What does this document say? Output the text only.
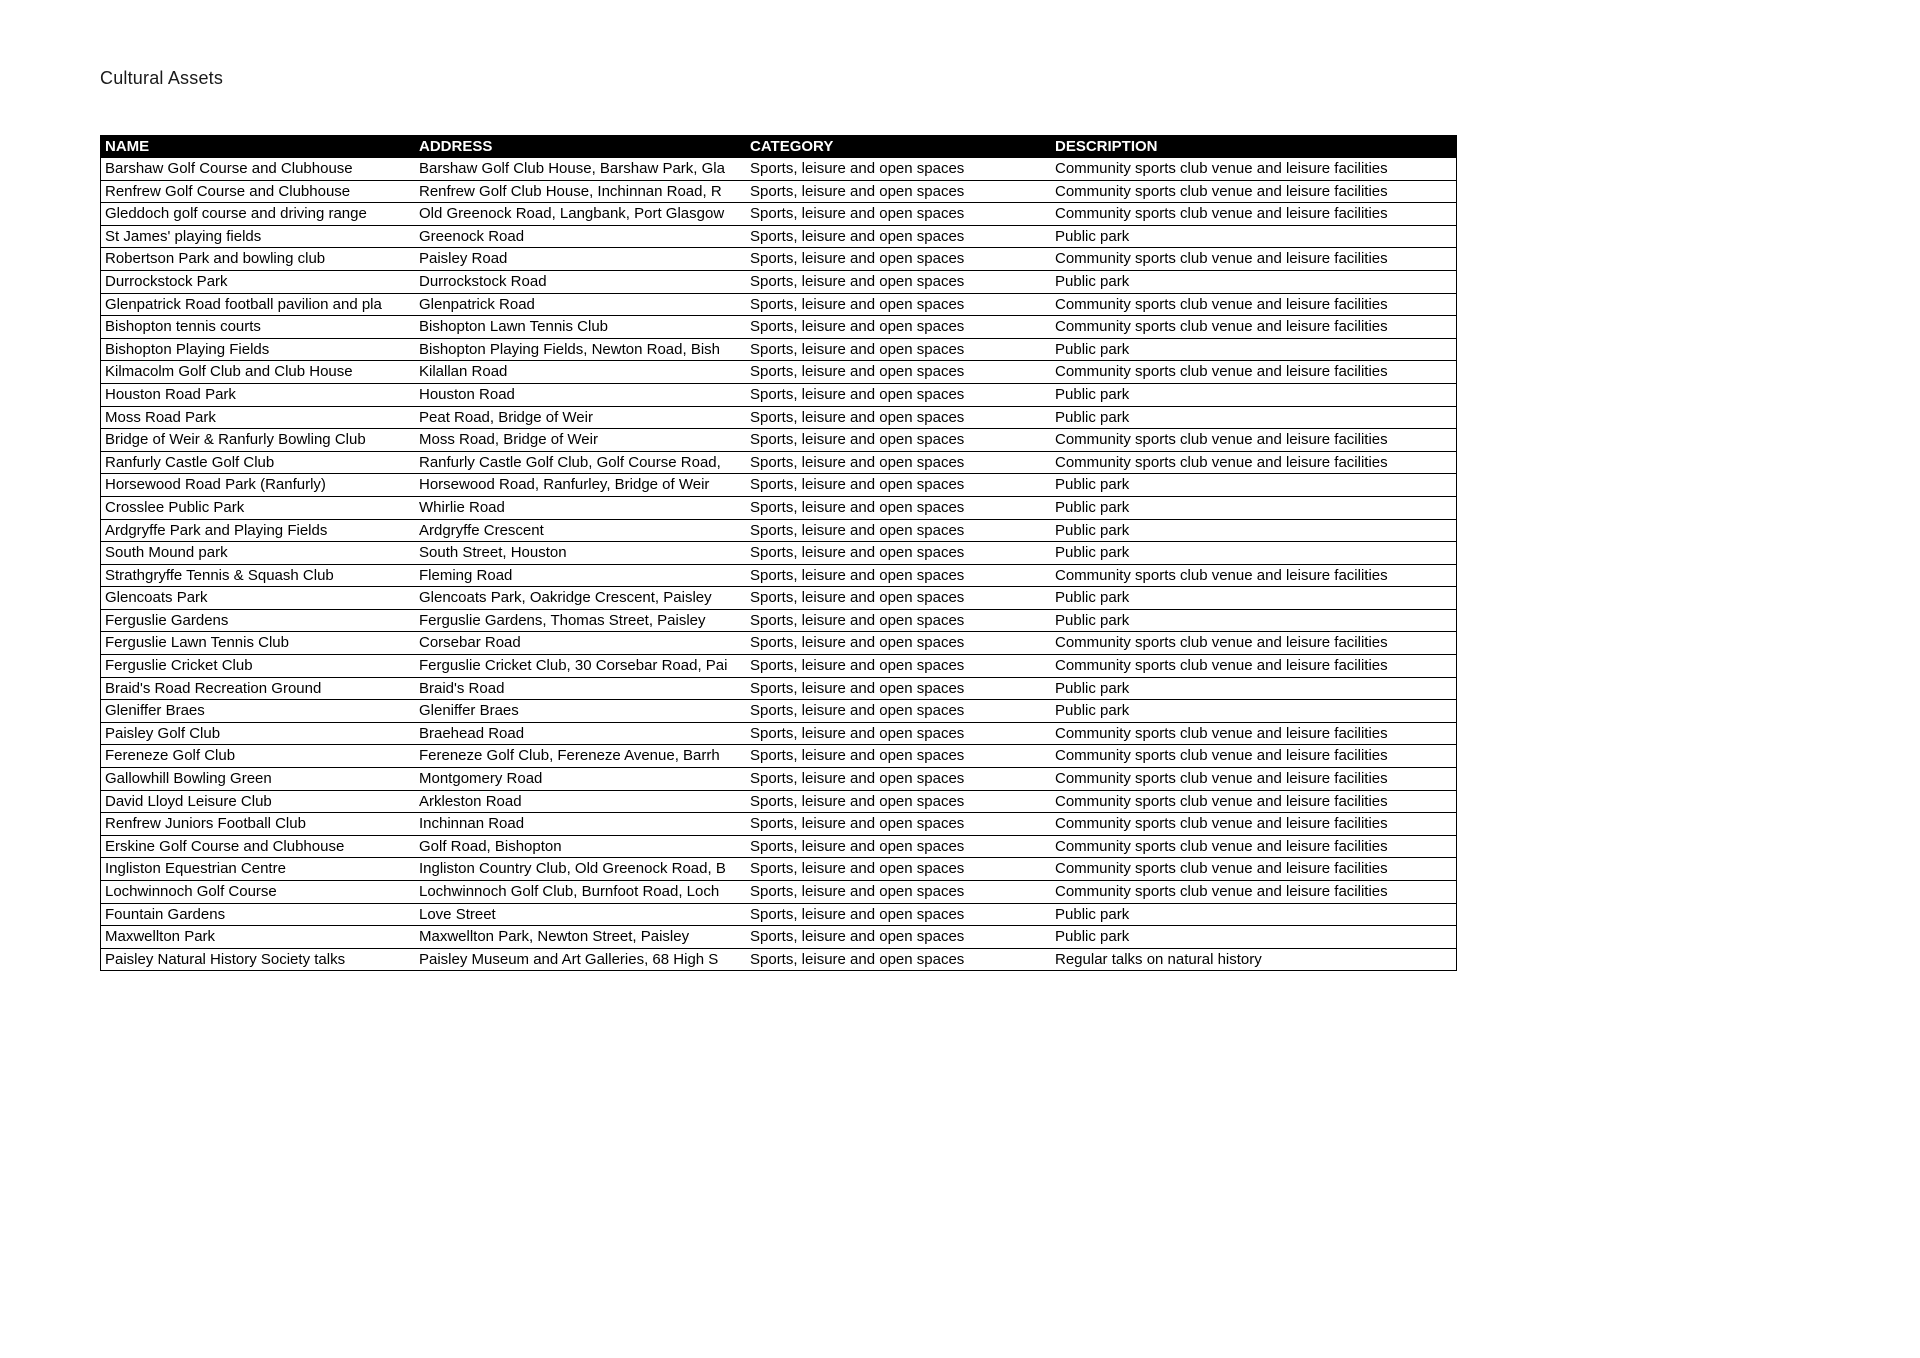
Cultural Assets
NAME	ADDRESS	CATEGORY	DESCRIPTION
Barshaw Golf Course and Clubhouse	Barshaw Golf Club House, Barshaw Park, Gla	Sports, leisure and open spaces	Community sports club venue and leisure facilities
Renfrew Golf Course and Clubhouse	Renfrew Golf Club House, Inchinnan Road, R	Sports, leisure and open spaces	Community sports club venue and leisure facilities
Gleddoch golf course and driving range	Old Greenock Road, Langbank, Port Glasgow	Sports, leisure and open spaces	Community sports club venue and leisure facilities
St James' playing fields	Greenock Road	Sports, leisure and open spaces	Public park
Robertson Park and bowling club	Paisley Road	Sports, leisure and open spaces	Community sports club venue and leisure facilities
Durrockstock Park	Durrockstock Road	Sports, leisure and open spaces	Public park
Glenpatrick Road football pavilion and pla	Glenpatrick Road	Sports, leisure and open spaces	Community sports club venue and leisure facilities
Bishopton tennis courts	Bishopton Lawn Tennis Club	Sports, leisure and open spaces	Community sports club venue and leisure facilities
Bishopton Playing Fields	Bishopton Playing Fields, Newton Road, Bish	Sports, leisure and open spaces	Public park
Kilmacolm Golf Club and Club House	Kilallan Road	Sports, leisure and open spaces	Community sports club venue and leisure facilities
Houston Road Park	Houston Road	Sports, leisure and open spaces	Public park
Moss Road Park	Peat Road, Bridge of Weir	Sports, leisure and open spaces	Public park
Bridge of Weir & Ranfurly Bowling Club	Moss Road, Bridge of Weir	Sports, leisure and open spaces	Community sports club venue and leisure facilities
Ranfurly Castle Golf Club	Ranfurly Castle Golf Club, Golf Course Road,	Sports, leisure and open spaces	Community sports club venue and leisure facilities
Horsewood Road Park (Ranfurly)	Horsewood Road, Ranfurley, Bridge of Weir	Sports, leisure and open spaces	Public park
Crosslee Public Park	Whirlie Road	Sports, leisure and open spaces	Public park
Ardgryffe Park and Playing Fields	Ardgryffe Crescent	Sports, leisure and open spaces	Public park
South Mound park	South Street, Houston	Sports, leisure and open spaces	Public park
Strathgryffe Tennis & Squash Club	Fleming Road	Sports, leisure and open spaces	Community sports club venue and leisure facilities
Glencoats Park	Glencoats Park, Oakridge Crescent, Paisley	Sports, leisure and open spaces	Public park
Ferguslie Gardens	Ferguslie Gardens, Thomas Street, Paisley	Sports, leisure and open spaces	Public park
Ferguslie Lawn Tennis Club	Corsebar Road	Sports, leisure and open spaces	Community sports club venue and leisure facilities
Ferguslie Cricket Club	Ferguslie Cricket Club, 30 Corsebar Road, Pai	Sports, leisure and open spaces	Community sports club venue and leisure facilities
Braid's Road Recreation Ground	Braid's Road	Sports, leisure and open spaces	Public park
Gleniffer Braes	Gleniffer Braes	Sports, leisure and open spaces	Public park
Paisley Golf Club	Braehead Road	Sports, leisure and open spaces	Community sports club venue and leisure facilities
Fereneze Golf Club	Fereneze Golf Club, Fereneze Avenue, Barrh	Sports, leisure and open spaces	Community sports club venue and leisure facilities
Gallowhill Bowling Green	Montgomery Road	Sports, leisure and open spaces	Community sports club venue and leisure facilities
David Lloyd Leisure Club	Arkleston Road	Sports, leisure and open spaces	Community sports club venue and leisure facilities
Renfrew Juniors Football Club	Inchinnan Road	Sports, leisure and open spaces	Community sports club venue and leisure facilities
Erskine Golf Course and Clubhouse	Golf Road, Bishopton	Sports, leisure and open spaces	Community sports club venue and leisure facilities
Ingliston Equestrian Centre	Ingliston Country Club, Old Greenock Road, B	Sports, leisure and open spaces	Community sports club venue and leisure facilities
Lochwinnoch Golf Course	Lochwinnoch Golf Club, Burnfoot Road, Loch	Sports, leisure and open spaces	Community sports club venue and leisure facilities
Fountain Gardens	Love Street	Sports, leisure and open spaces	Public park
Maxwellton Park	Maxwellton Park, Newton Street, Paisley	Sports, leisure and open spaces	Public park
Paisley Natural History Society talks	Paisley Museum and Art Galleries, 68 High S	Sports, leisure and open spaces	Regular talks on natural history
